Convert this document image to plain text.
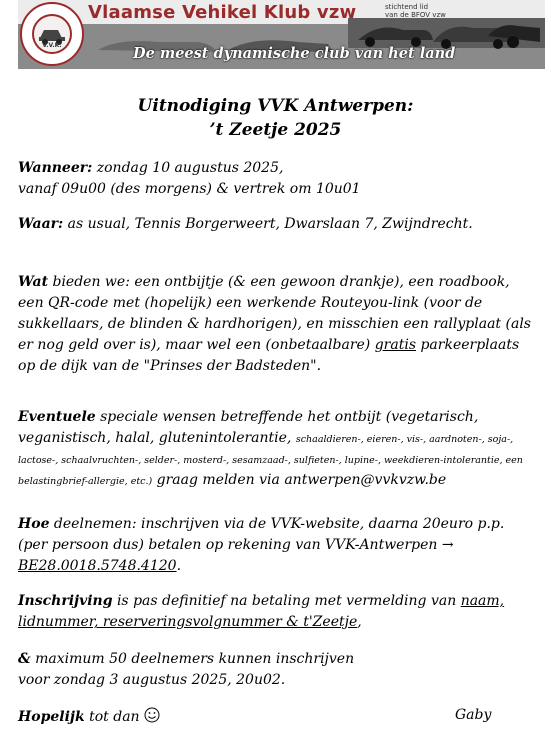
V.V.K.
Vlaamse Vehikel Klub vzw	stichtend lid
van de BFOV vzw
De meest dynamische club van het land
Uitnodiging VVK Antwerpen:
’t Zeetje 2025
Wanneer: zondag 10 augustus 2025,
vanaf 09u00 (des morgens) & vertrek om 10u01
Waar: as usual, Tennis Borgerweert, Dwarslaan 7, Zwijndrecht.
Wat bieden we: een ontbijtje (& een gewoon drankje), een roadbook, een QR-code met (hopelijk) een werkende Routeyou-link (voor de sukkellaars, de blinden & hardhorigen), en misschien een rallyplaat (als er nog geld over is), maar wel een (onbetaalbare) gratis parkeerplaats op de dijk van de "Prinses der Badsteden".
Eventuele speciale wensen betreffende het ontbijt (vegetarisch, veganistisch, halal, glutenintolerantie, schaaldieren-, eieren-, vis-, aardnoten-, soja-, lactose-, schaalvruchten-, selder-, mosterd-, sesamzaad-, sulfieten-, lupine-, weekdieren-intolerantie, een belastingbrief-allergie, etc.) graag melden via antwerpen@vvkvzw.be
Hoe deelnemen: inschrijven via de VVK-website, daarna 20euro p.p. (per persoon dus) betalen op rekening van VVK-Antwerpen → BE28.0018.5748.4120.
Inschrijving is pas definitief na betaling met vermelding van naam, lidnummer, reserveringsvolgnummer & t'Zeetje,
& maximum 50 deelnemers kunnen inschrijven
voor zondag 3 augustus 2025, 20u02.
Hopelijk tot dan	Gaby
